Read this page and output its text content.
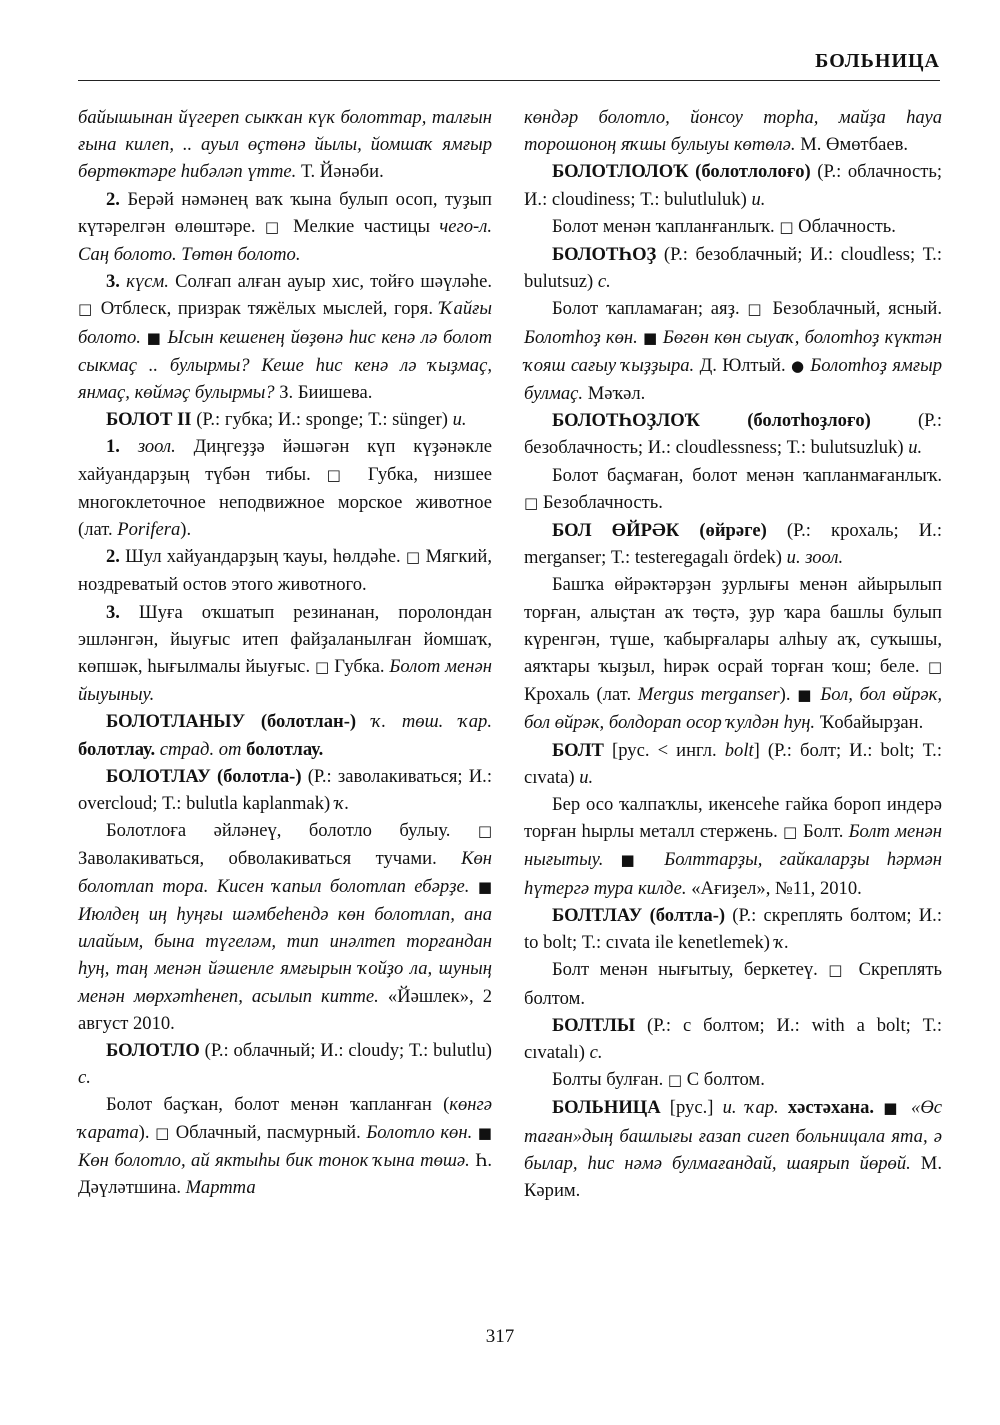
БОЛЬНИЦА

байышынан йүгереп сыкҡан күк болоттар, талғын ғына килеп, .. ауыл өҫтөнә йылы, йомшаҡ ямғыр бөртөктәре һибәләп үтте. Т. Йәнәби.

2. Берәй нәмәнең ваҡ ҡына булып осоп, туҙып күтәрелгән өлөштәре. □ Мелкие частицы чего-л. Саң болото. Төтөн болото.

3. күсм. Солғап алған ауыр хис, тойғо шәүләһе. □ Отблеск, призрак тяжёлых мыслей, горя. Ҡайғы болото. ■ Ысын кешенең йөҙөнә һис кенә лә болот сыкмаҫ .. булырмы? Кеше һис кенә лә ҡыҙмаҫ, янмаҫ, көймәҫ булырмы? З. Биишева.

БОЛОТ II (Р.: губка; И.: sponge; Т.: sünger) и.

1. зоол. Диңгеҙҙә йәшәгән күп күҙәнәкле хайуандарҙың түбән тибы. □ Губка, низшее многоклеточное неподвижное морское животное (лат. Porifera).

2. Шул хайуандарҙың ҡауы, һөлдәһе. □ Мягкий, ноздреватый остов этого животного.

3. Шуға оҡшатып резинанан, поролондан эшләнгән, йыуғыс итеп файҙаланылған йомшаҡ, көпшәк, һығылмалы йыуғыс. □ Губка. Болот менән йыуыныу.

БОЛОТЛАНЫУ (болотлан-) ҡ. төш. ҡар. болотлау. страд. от болотлау.

БОЛОТЛАУ (болотла-) (Р.: заволакиваться; И.: overcloud; Т.: bulutla kaplanmak) ҡ.

Болотлоға әйләнеү, болотло булыу. □ Заволакиваться, обволакиваться тучами. Көн болотлап тора. Кисен ҡапыл болотлап ебәрҙе. ■ Июлдең иң һуңғы шәмбеһендә көн болотлап, ана илайым, бына түгеләм, тип инәлтеп торғандан һуң, таң менән йәшенле ямғырын ҡойҙо ла, шуның менән мөрхәтһенеп, асылып китте. «Йәшлек», 2 август 2010.

БОЛОТЛО (Р.: облачный; И.: cloudy; Т.: bulutlu) с.

Болот баҫҡан, болот менән ҡапланған (көнгә ҡарата). □ Облачный, пасмурный. Болотло көн. ■ Көн болотло, ай яктыһы бик тонок ҡына төшә. Һ. Дәүләтшина. Мартта

көндәр болотло, йонсоу торһа, майҙа һауа торошоноң яҡшы булыуы көтөлә. М. Өмөтбаев.

БОЛОТЛОЛОҠ (болотлолоғо) (Р.: облачность; И.: cloudiness; Т.: bulutluluk) и.

Болот менән ҡапланғанлыҡ. □ Облачность.

БОЛОТҺОҘ (Р.: безоблачный; И.: cloudless; Т.: bulutsuz) с.

Болот ҡапламаған; аяҙ. □ Безоблачный, ясный. Болотһоҙ көн. ■ Бөгөн көн сыуаҡ, болотһоҙ күктән ҡояш сағыу ҡыҙҙыра. Д. Юлтый. ● Болотһоҙ ямғыр булмаҫ. Мәҡәл.

БОЛОТҺОҘЛОҠ	(болотһоҙлоғо) (Р.: безоблачность; И.: cloudlessness; Т.: bulutsuzluk) и.

Болот баҫмаған, болот менән ҡапланмағанлыҡ. □ Безоблачность.

БОЛ ӨЙРӘК (өйрәге) (Р.: крохаль; И.: merganser; Т.: testeregagalı ördek) и. зоол.

Башҡа өйрәктәрҙән ҙурлығы менән айырылып торған, алыҫтан аҡ төҫтә, ҙур ҡара башлы булып күренгән, түше, ҡабырғалары алһыу аҡ, суҡышы, аяҡтары ҡыҙыл, һирәк осрай торған ҡош; беле. □ Крохаль (лат. Mergus merganser). ■ Бол, бол өйрәк, бол өйрәк, болдорап осор ҡулдән һуң. Ҡобайырҙан.

БОЛТ [рус. < ингл. bolt] (Р.: болт; И.: bolt; Т.: cıvata) и.

Бер осо ҡалпаҡлы, икенсеһе гайка бороп индерә торған һырлы металл стержень. □ Болт. Болт менән нығытыу. ■ Болттарҙы, гайкаларҙы һәрмән һүтергә тура килде. «Ағиҙел», №11, 2010.

БОЛТЛАУ (болтла-) (Р.: скреплять болтом; И.: to bolt; Т.: cıvata ile kenetlemek) ҡ.

Болт менән нығытыу, беркетеү. □ Скреплять болтом.

БОЛТЛЫ (Р.: с болтом; И.: with a bolt; Т.: cıvatalı) с.

Болты булған. □ С болтом.

БОЛЬНИЦА [рус.] и. ҡар. хәстәхана. ■ «Өс таған»дың башлығы ғазап сигеп больницала ята, ә былар, һис нәмә булмағандай, шаярып йөрөй. М. Кәрим.

317
